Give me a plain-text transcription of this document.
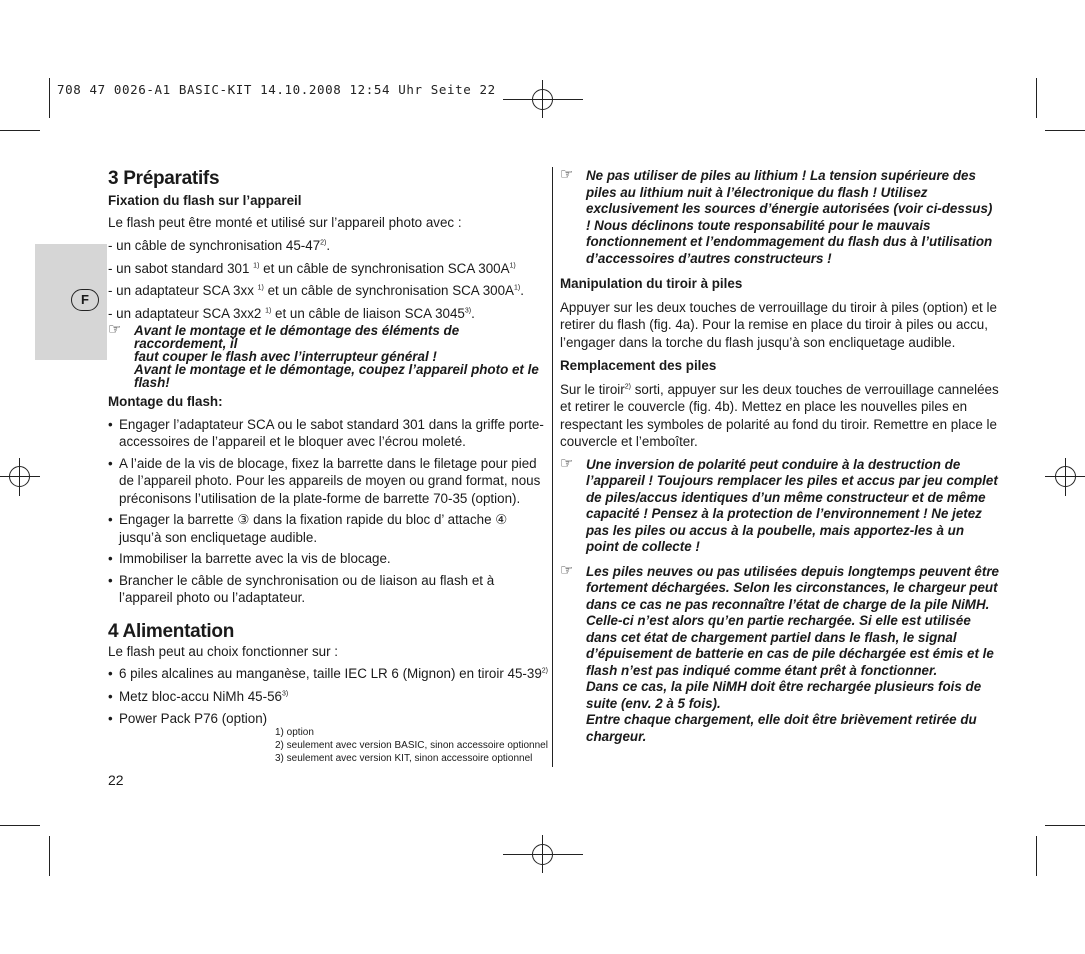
708 47 0026-A1 BASIC-KIT 14.10.2008 12:54 Uhr Seite 22
F
3 Préparatifs
Fixation du flash sur l’appareil

Le flash peut être monté et utilisé sur l’appareil photo avec :

- un câble de synchronisation 45-47$^{2)}$.
- un sabot standard 301 $^{1)}$ et un câble de synchronisation SCA $300A^{1)}$
- un adaptateur SCA 3xx $^{1)}$ et un câble de synchronisation SCA $300A^{1)}$.
- un adaptateur SCA 3xx2 $^{1)}$ et un câble de liaison SCA 3045$^{3)}$.
☞ Avant le montage et le démontage des éléments de raccordement, il
faut couper le flash avec l’interrupteur général !
Avant le montage et le démontage, coupez l’appareil photo et le flash!
Montage du flash:
• Engager l’adaptateur SCA ou le sabot standard 301 dans la griffe porte-accessoires de l’appareil et le bloquer avec l’écrou moleté.
• A l’aide de la vis de blocage, fixez la barrette dans le filetage pour pied de l’appareil photo. Pour les appareils de moyen ou grand format, nous préconisons l’utilisation de la plate-forme de barrette 70-35 (option).
• Engager la barrette ③ dans la fixation rapide du bloc d’ attache ④ jusqu’à son encliquetage audible.
• Immobiliser la barrette avec la vis de blocage.
• Brancher le câble de synchronisation ou de liaison au flash et à l’appareil photo ou l’adaptateur.
4 Alimentation

Le flash peut au choix fonctionner sur :

• 6 piles alcalines au manganèse, taille IEC LR 6 (Mignon) en tiroir 45-39$^{2)}$
• Metz bloc-accu NiMh 45-56$^{3)}$
• Power Pack P76 (option)
1) option
2) seulement avec version BASIC, sinon accessoire optionnel
3) seulement avec version KIT, sinon accessoire optionnel
22
☞ Ne pas utiliser de piles au lithium ! La tension supérieure des piles au lithium nuit à l’électronique du flash ! Utilisez exclusivement les sources d’énergie autorisées (voir ci-dessus) ! Nous déclinons toute responsabilité pour le mauvais fonctionnement et l’endommagement du flash dus à l’utilisation d’accessoires d’autres constructeurs !
Manipulation du tiroir à piles

Appuyer sur les deux touches de verrouillage du tiroir à piles (option) et le retirer du flash (fig. 4a). Pour la remise en place du tiroir à piles ou accu, l’engager dans la torche du flash jusqu’à son encliquetage audible.

Remplacement des piles

Sur le tiroir$^{2)}$ sorti, appuyer sur les deux touches de verrouillage cannelées et retirer le couvercle (fig. 4b). Mettez en place les nouvelles piles en respectant les symboles de polarité au fond du tiroir. Remettre en place le couvercle et l’emboîter.

☞ Une inversion de polarité peut conduire à la destruction de l’appareil ! Toujours remplacer les piles et accus par jeu complet de piles/accus identiques d’un même constructeur et de même capacité ! Pensez à la protection de l’environnement ! Ne jetez pas les piles ou accus à la poubelle, mais apportez-les à un point de collecte !
☞ Les piles neuves ou pas utilisées depuis longtemps peuvent être fortement déchargées. Selon les circonstances, le chargeur peut dans ce cas ne pas reconnaître l’état de charge de la pile NiMH. Celle-ci n’est alors qu’en partie rechargée. Si elle est utilisée dans cet état de chargement partiel dans le flash, le signal d’épuisement de batterie en cas de pile déchargée est émis et le flash n’est pas indiqué comme étant prêt à fonctionner.
Dans ce cas, la pile NiMH doit être rechargée plusieurs fois de suite (env. 2 à 5 fois).
Entre chaque chargement, elle doit être brièvement retirée du chargeur.
